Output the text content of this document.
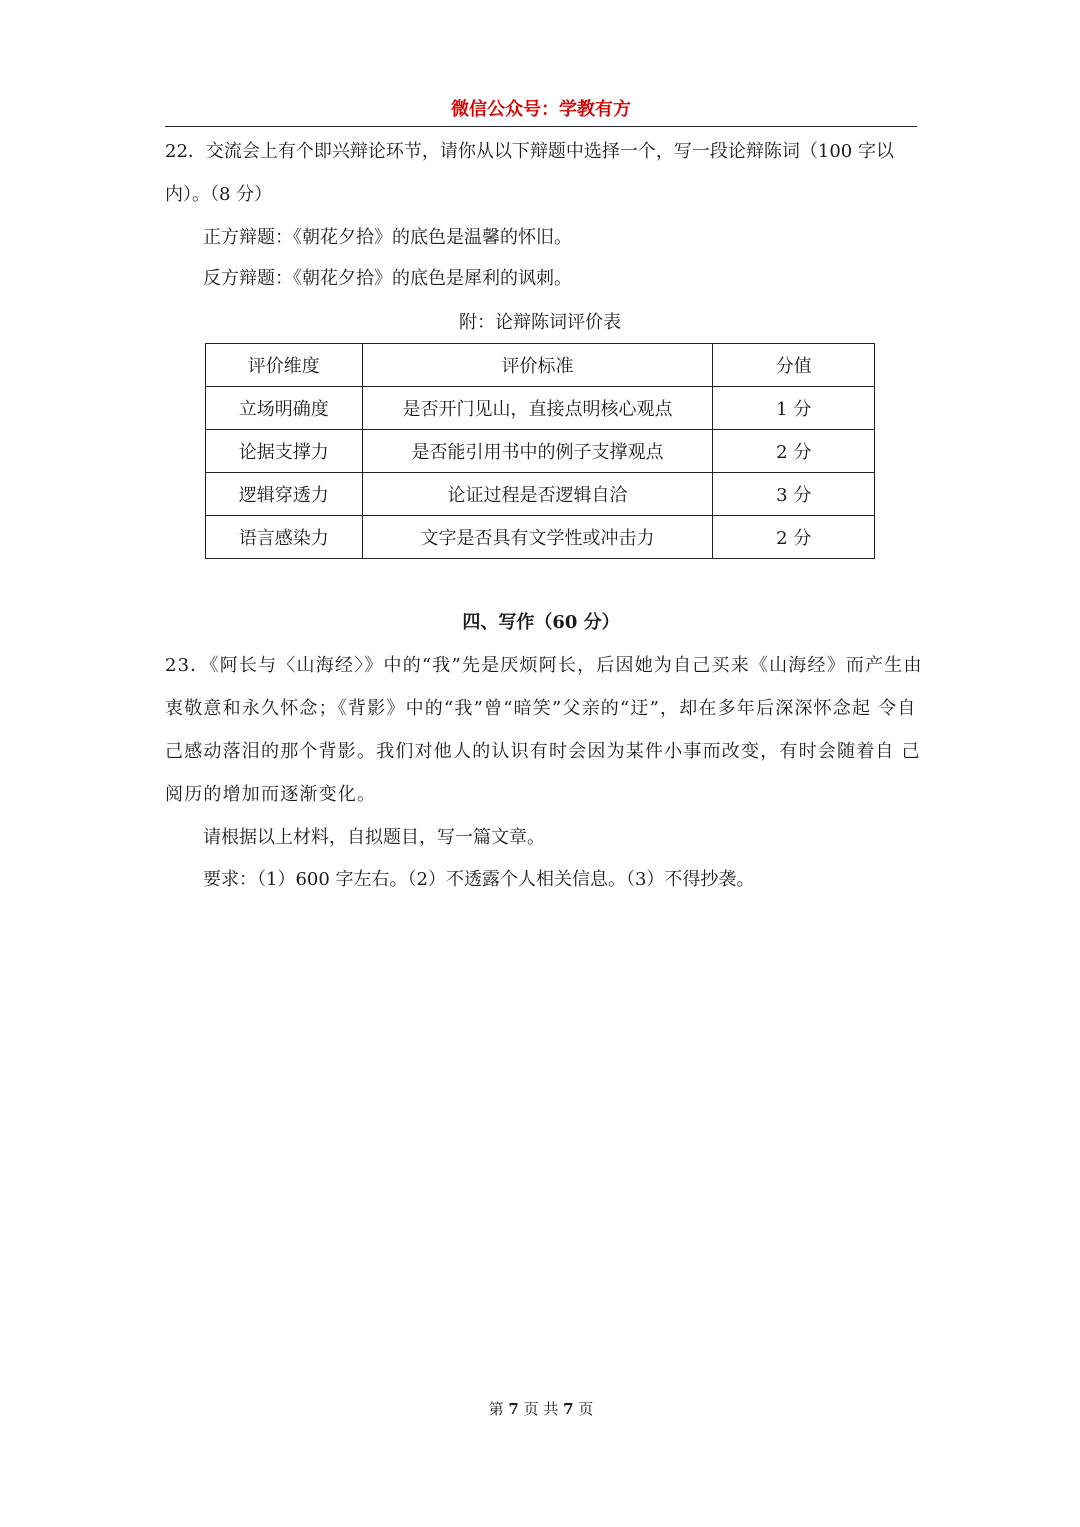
微信公众号：学教有方
22．交流会上有个即兴辩论环节，请你从以下辩题中选择一个，写一段论辩陈词（100 字以
内）。（8 分）
正方辩题：《朝花夕拾》的底色是温馨的怀旧。
反方辩题：《朝花夕拾》的底色是犀利的讽刺。
附：论辩陈词评价表
评价维度	评价标准	分值
立场明确度	是否开门见山，直接点明核心观点	1 分
论据支撑力	是否能引用书中的例子支撑观点	2 分
逻辑穿透力	论证过程是否逻辑自洽	3 分
语言感染力	文字是否具有文学性或冲击力	2 分
四、写作（60 分）
23．《阿长与〈山海经〉》中的“我”先是厌烦阿长，后因她为自己买来《山海经》而产生由
衷敬意和永久怀念；《背影》中的“我”曾“暗笑”父亲的“迂”，却在多年后深深怀念起 令自
己感动落泪的那个背影。我们对他人的认识有时会因为某件小事而改变，有时会随着自 己
阅历的增加而逐渐变化。
请根据以上材料，自拟题目，写一篇文章。
要求：（1）600 字左右。（2）不透露个人相关信息。（3）不得抄袭。
第 7 页 共 7 页
